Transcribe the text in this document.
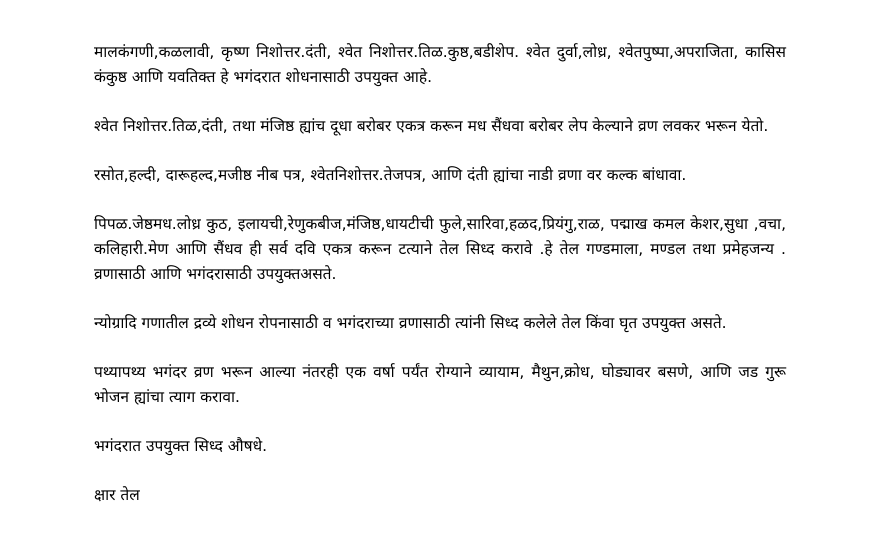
मालकंगणी,कळलावी, कृष्ण निशोत्तर.दंती, श्वेत निशोत्तर.तिळ.कुष्ठ,बडीशेप. श्वेत दुर्वा,लोध्र, श्वेतपुष्पा,अपराजिता, कासिस कंकुष्ठ आणि यवतिक्त हे भगंदरात शोधनासाठी उपयुक्त आहे.

श्वेत निशोत्तर.तिळ,दंती, तथा मंजिष्ठ ह्यांच दूधा बरोबर एकत्र करून मध सैंधवा बरोबर लेप केल्याने व्रण लवकर भरून येतो.

रसोत,हल्दी, दारूहल्द,मजीष्ठ नीब पत्र, श्वेतनिशोत्तर.तेजपत्र, आणि दंती ह्यांचा नाडी व्रणा वर कल्क बांधावा.

पिपळ.जेष्ठमध.लोध्र कुठ, इलायची,रेणुकबीज,मंजिष्ठ,धायटीची फुले,सारिवा,हळद,प्रियंगु,राळ, पद्माख कमल केशर,सुधा ,वचा, कलिहारी.मेण आणि सैंधव ही सर्व दवि एकत्र करून टत्याने तेल सिध्द करावे .हे तेल गण्डमाला, मण्डल तथा प्रमेहजन्य . व्रणासाठी आणि भगंदरासाठी उपयुक्तअसते.

न्योग्रादि गणातील द्रव्ये शोधन रोपनासाठी व भगंदराच्या व्रणासाठी त्यांनी सिध्द कलेले तेल किंवा घृत उपयुक्त असते.

पथ्यापथ्य भगंदर व्रण भरून आल्या नंतरही एक वर्षा पर्यंत रोग्याने व्यायाम, मैथुन,क्रोध, घोड्यावर बसणे, आणि जड गुरू भोजन ह्यांचा त्याग करावा.

भगंदरात उपयुक्त सिध्द औषधे.

क्षार तेल
